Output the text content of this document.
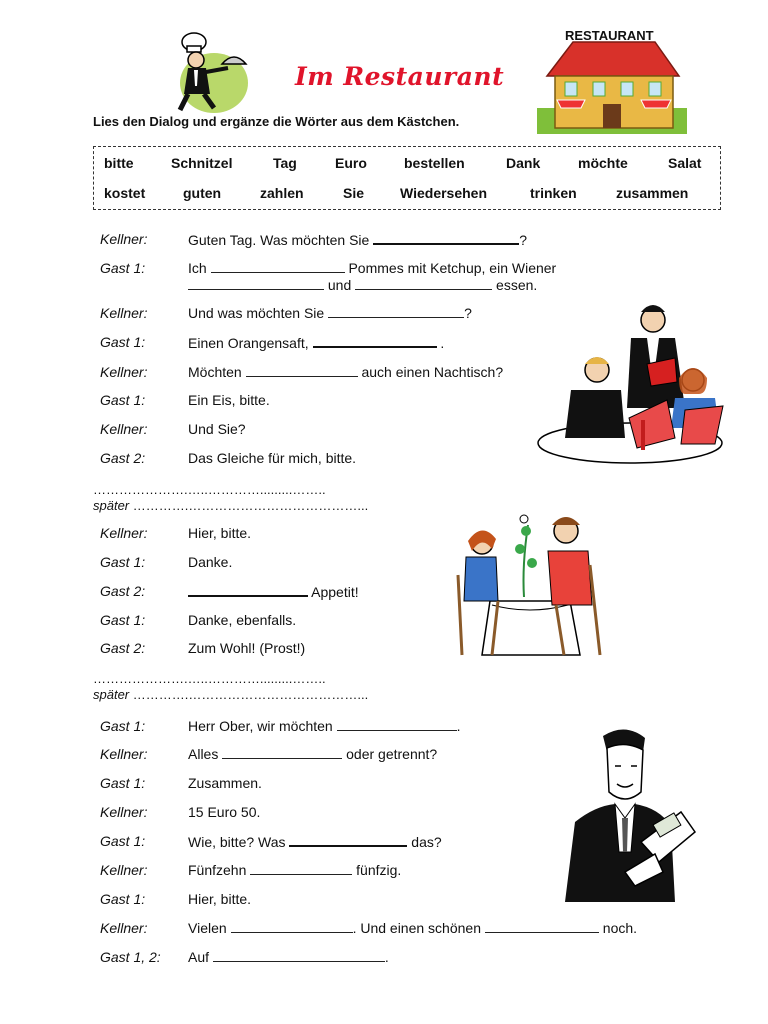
Im Restaurant
RESTAURANT
Lies den Dialog und ergänze die Wörter aus dem Kästchen.
bitte	Schnitzel	Tag	Euro	bestellen	Dank	möchte	Salat
kostet	guten	zahlen	Sie	Wiedersehen	trinken	zusammen
Kellner:	Guten Tag. Was möchten Sie	?
Gast 1:	Ich	Pommes mit Ketchup, ein Wiener
und	essen.
Kellner:	Und was möchten Sie	?
Gast 1:	Einen Orangensaft,	.
Kellner:	Möchten	auch einen Nachtisch?
Gast 1:	Ein Eis, bitte.
Kellner:	Und Sie?
Gast 2:	Das Gleiche für mich, bitte.
………………….…..………….........……..
später ………….…………………………………...
Kellner:	Hier, bitte.
Gast 1:	Danke.
Gast 2:	Appetit!
Gast 1:	Danke, ebenfalls.
Gast 2:	Zum Wohl! (Prost!)
………………….…..………….........……..
später ………….…………………………………...
Gast 1:	Herr Ober, wir möchten	.
Kellner:	Alles	oder getrennt?
Gast 1:	Zusammen.
Kellner:	15 Euro 50.
Gast 1:	Wie, bitte? Was	das?
Kellner:	Fünfzehn	fünfzig.
Gast 1:	Hier, bitte.
Kellner:	Vielen	. Und einen schönen	noch.
Gast 1, 2: Auf	.
